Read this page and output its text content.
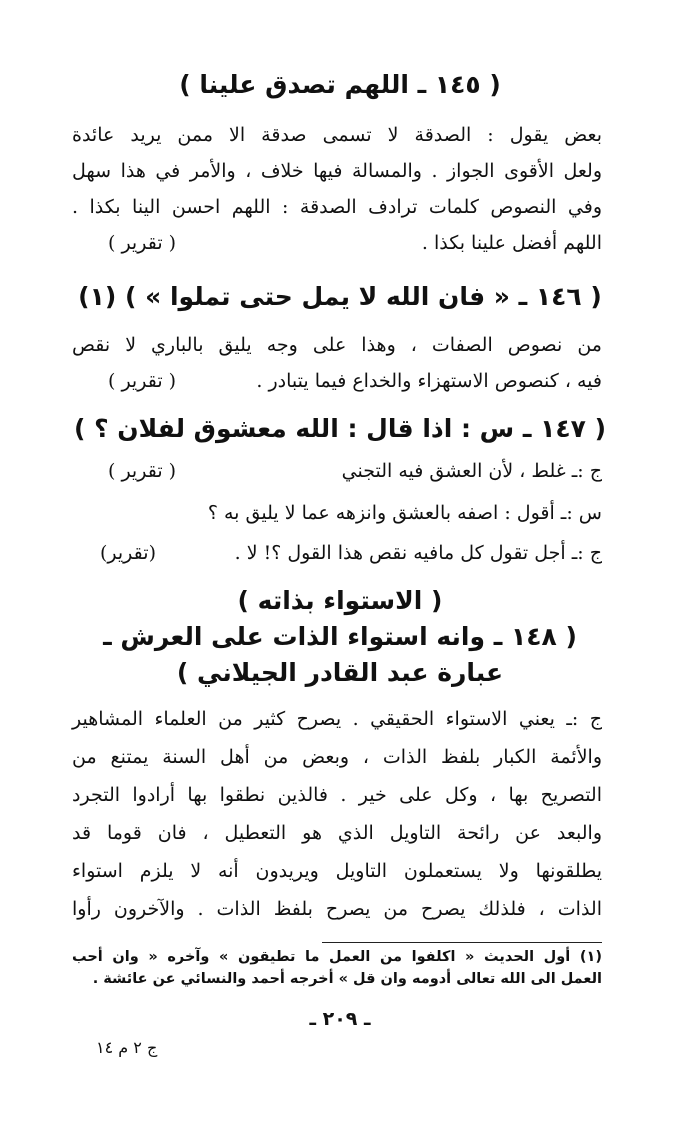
( ١٤٥ ـ اللهم تصدق علينا )
بعض يقول : الصدقة لا تسمى صدقة الا ممن يريد عائدة
ولعل الأقوى الجواز . والمسالة فيها خلاف ، والأمر في هذا سهل
وفي النصوص كلمات ترادف الصدقة : اللهم احسن الينا بكذا .
اللهم أفضل علينا بكذا .
( تقرير )
( ١٤٦ ـ « فان الله لا يمل حتى تملوا » ) (١)
من نصوص الصفات ، وهذا على وجه يليق بالباري لا نقص
فيه ، كنصوص الاستهزاء والخداع فيما يتبادر .
( تقرير )
( ١٤٧ ـ س : اذا قال : الله معشوق لفلان ؟ )
ج :ـ غلط ، لأن العشق فيه التجني
( تقرير )
س :ـ أقول : اصفه بالعشق وانزهه عما لا يليق به ؟
ج :ـ أجل تقول كل مافيه نقص هذا القول ؟! لا .
(تقرير)
( الاستواء بذاته )
( ١٤٨ ـ وانه استواء الذات على العرش ـ
عبارة عبد القادر الجيلاني )
ج :ـ يعني الاستواء الحقيقي . يصرح كثير من العلماء المشاهير
والأئمة الكبار بلفظ الذات ، وبعض من أهل السنة يمتنع من
التصريح بها ، وكل على خير . فالذين نطقوا بها أرادوا التجرد
والبعد عن رائحة التاويل الذي هو التعطيل ، فان قوما قد
يطلقونها ولا يستعملون التاويل ويريدون أنه لا يلزم استواء
الذات ، فلذلك يصرح من يصرح بلفظ الذات . والآخرون رأوا
(١) أول الحديث « اكلفوا من العمل ما تطيقون » وآخره « وان أحب
العمل الى الله تعالى أدومه وان قل » أخرجه أحمد والنسائي عن عائشة .
ـ ٢٠٩ ـ
ج ٢ م ١٤
